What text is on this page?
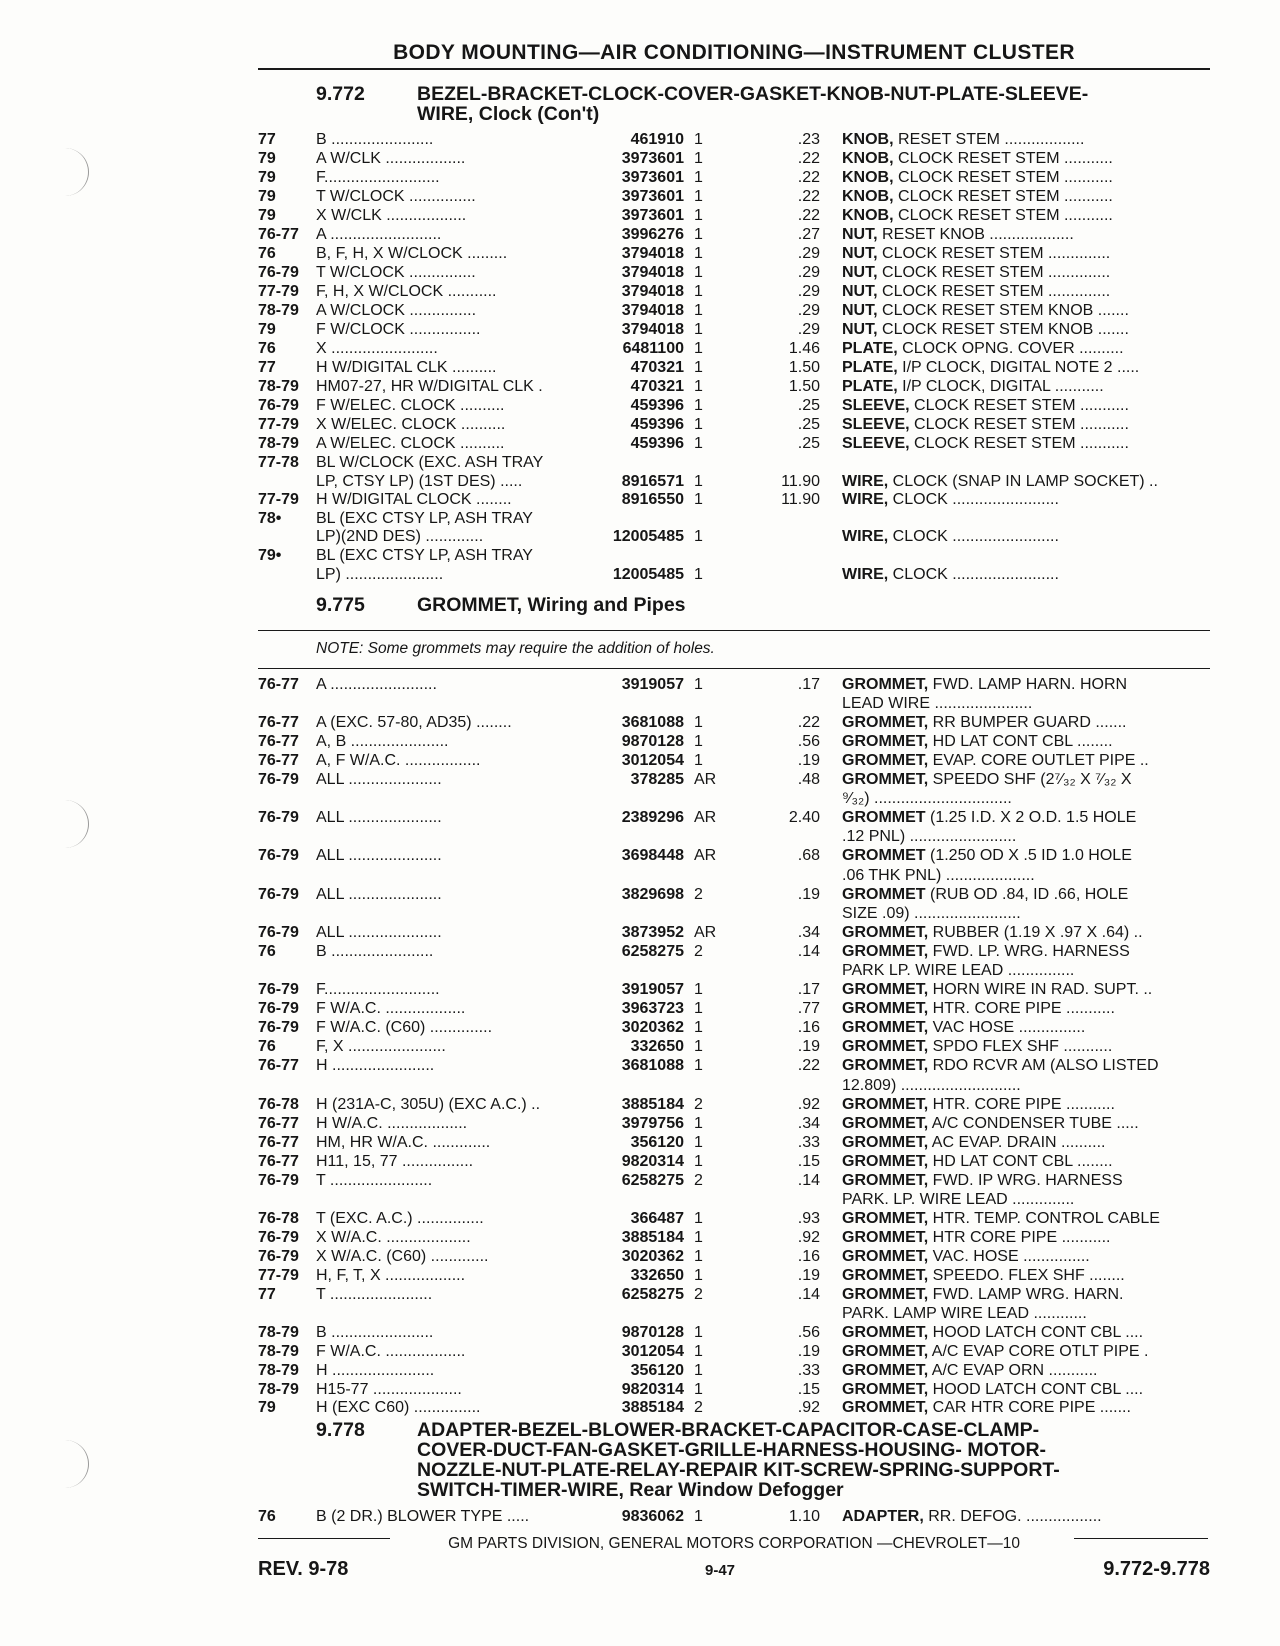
BODY MOUNTING—AIR CONDITIONING—INSTRUMENT CLUSTER
9.772	BEZEL-BRACKET-CLOCK-COVER-GASKET-KNOB-NUT-PLATE-SLEEVE-
WIRE, Clock (Con't)
9.775	GROMMET, Wiring and Pipes
NOTE: Some grommets may require the addition of holes.
9.778	ADAPTER-BEZEL-BLOWER-BRACKET-CAPACITOR-CASE-CLAMP-
COVER-DUCT-FAN-GASKET-GRILLE-HARNESS-HOUSING- MOTOR-
NOZZLE-NUT-PLATE-RELAY-REPAIR KIT-SCREW-SPRING-SUPPORT-
SWITCH-TIMER-WIRE, Rear Window Defogger
77	B .......................	461910 1	.23 KNOB, RESET STEM ..................
79	A W/CLK ..................	3973601 1	.22 KNOB, CLOCK RESET STEM ...........
79	F..........................	3973601 1	.22 KNOB, CLOCK RESET STEM ...........
79	T W/CLOCK ...............	3973601 1	.22 KNOB, CLOCK RESET STEM ...........
79	X W/CLK ..................	3973601 1	.22 KNOB, CLOCK RESET STEM ...........
76-77	A .........................	3996276 1	.27 NUT, RESET KNOB ...................
76	B, F, H, X W/CLOCK .........	3794018 1	.29 NUT, CLOCK RESET STEM ..............
76-79	T W/CLOCK ...............	3794018 1	.29 NUT, CLOCK RESET STEM ..............
77-79	F, H, X W/CLOCK ...........	3794018 1	.29 NUT, CLOCK RESET STEM ..............
78-79	A W/CLOCK ...............	3794018 1	.29 NUT, CLOCK RESET STEM KNOB .......
79	F W/CLOCK ................	3794018 1	.29 NUT, CLOCK RESET STEM KNOB .......
76	X ........................	6481100 1	1.46 PLATE, CLOCK OPNG. COVER ..........
77	H W/DIGITAL CLK ..........	470321 1	1.50 PLATE, I/P CLOCK, DIGITAL NOTE 2 .....
78-79	HM07-27, HR W/DIGITAL CLK .	470321 1	1.50 PLATE, I/P CLOCK, DIGITAL ...........
76-79	F W/ELEC. CLOCK ..........	459396 1	.25 SLEEVE, CLOCK RESET STEM ...........
77-79	X W/ELEC. CLOCK ..........	459396 1	.25 SLEEVE, CLOCK RESET STEM ...........
78-79	A W/ELEC. CLOCK ..........	459396 1	.25 SLEEVE, CLOCK RESET STEM ...........
77-78	BL W/CLOCK (EXC. ASH TRAY
LP, CTSY LP) (1ST DES) .....	8916571 1	11.90 WIRE, CLOCK (SNAP IN LAMP SOCKET) ..
77-79	H W/DIGITAL CLOCK ........	8916550 1	11.90 WIRE, CLOCK ........................
78•	BL (EXC CTSY LP, ASH TRAY
LP)(2ND DES) .............	12005485 1	WIRE, CLOCK ........................
79•	BL (EXC CTSY LP, ASH TRAY
LP) ......................	12005485 1	WIRE, CLOCK ........................
76-77	A ........................	3919057 1	.17 GROMMET, FWD. LAMP HARN. HORN
LEAD WIRE ......................
76-77	A (EXC. 57-80, AD35) ........	3681088 1	.22 GROMMET, RR BUMPER GUARD .......
76-77	A, B ......................	9870128 1	.56 GROMMET, HD LAT CONT CBL ........
76-77	A, F W/A.C. .................	3012054 1	.19 GROMMET, EVAP. CORE OUTLET PIPE ..
76-79	ALL .....................	378285 AR	.48 GROMMET, SPEEDO SHF (2⁷⁄₃₂ X ⁷⁄₃₂ X
⁹⁄₃₂) ...............................
76-79	ALL .....................	2389296 AR	2.40 GROMMET (1.25 I.D. X 2 O.D. 1.5 HOLE
.12 PNL) ........................
76-79	ALL .....................	3698448 AR	.68 GROMMET (1.250 OD X .5 ID 1.0 HOLE
.06 THK PNL) ....................
76-79	ALL .....................	3829698 2	.19 GROMMET (RUB OD .84, ID .66, HOLE
SIZE .09) ........................
76-79	ALL .....................	3873952 AR	.34 GROMMET, RUBBER (1.19 X .97 X .64) ..
76	B .......................	6258275 2	.14 GROMMET, FWD. LP. WRG. HARNESS
PARK LP. WIRE LEAD ...............
76-79	F..........................	3919057 1	.17 GROMMET, HORN WIRE IN RAD. SUPT. ..
76-79	F W/A.C. ..................	3963723 1	.77 GROMMET, HTR. CORE PIPE ...........
76-79	F W/A.C. (C60) ..............	3020362 1	.16 GROMMET, VAC HOSE ...............
76	F, X ......................	332650 1	.19 GROMMET, SPDO FLEX SHF ...........
76-77	H .......................	3681088 1	.22 GROMMET, RDO RCVR AM (ALSO LISTED
12.809) ...........................
76-78	H (231A-C, 305U) (EXC A.C.) ..	3885184 2	.92 GROMMET, HTR. CORE PIPE ...........
76-77	H W/A.C. ..................	3979756 1	.34 GROMMET, A/C CONDENSER TUBE .....
76-77	HM, HR W/A.C. .............	356120 1	.33 GROMMET, AC EVAP. DRAIN ..........
76-77	H11, 15, 77 ................	9820314 1	.15 GROMMET, HD LAT CONT CBL ........
76-79	T .......................	6258275 2	.14 GROMMET, FWD. IP WRG. HARNESS
PARK. LP. WIRE LEAD ..............
76-78	T (EXC. A.C.) ...............	366487 1	.93 GROMMET, HTR. TEMP. CONTROL CABLE
76-79	X W/A.C. ...................	3885184 1	.92 GROMMET, HTR CORE PIPE ...........
76-79	X W/A.C. (C60) .............	3020362 1	.16 GROMMET, VAC. HOSE ...............
77-79	H, F, T, X ..................	332650 1	.19 GROMMET, SPEEDO. FLEX SHF ........
77	T .......................	6258275 2	.14 GROMMET, FWD. LAMP WRG. HARN.
PARK. LAMP WIRE LEAD ............
78-79	B .......................	9870128 1	.56 GROMMET, HOOD LATCH CONT CBL ....
78-79	F W/A.C. ..................	3012054 1	.19 GROMMET, A/C EVAP CORE OTLT PIPE .
78-79	H .......................	356120 1	.33 GROMMET, A/C EVAP ORN ...........
78-79	H15-77 ....................	9820314 1	.15 GROMMET, HOOD LATCH CONT CBL ....
79	H (EXC C60) ...............	3885184 2	.92 GROMMET, CAR HTR CORE PIPE .......
76	B (2 DR.) BLOWER TYPE .....	9836062 1	1.10 ADAPTER, RR. DEFOG. .................
GM PARTS DIVISION, GENERAL MOTORS CORPORATION —CHEVROLET—10
REV. 9-78	9-47	9.772-9.778
